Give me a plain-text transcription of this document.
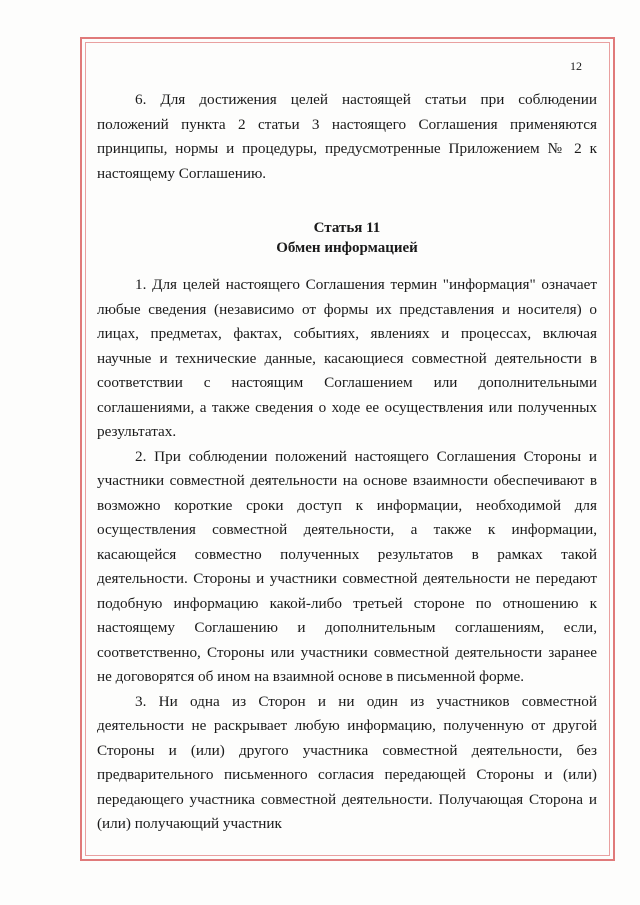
12

6. Для достижения целей настоящей статьи при соблюдении положений пункта 2 статьи 3 настоящего Соглашения применяются принципы, нормы и процедуры, предусмотренные Приложением № 2 к настоящему Соглашению.

Статья 11
Обмен информацией

1. Для целей настоящего Соглашения термин "информация" означает любые сведения (независимо от формы их представления и носителя) о лицах, предметах, фактах, событиях, явлениях и процессах, включая научные и технические данные, касающиеся совместной деятельности в соответствии с настоящим Соглашением или дополнительными соглашениями, а также сведения о ходе ее осуществления или полученных результатах.

2. При соблюдении положений настоящего Соглашения Стороны и участники совместной деятельности на основе взаимности обеспечивают в возможно короткие сроки доступ к информации, необходимой для осуществления совместной деятельности, а также к информации, касающейся совместно полученных результатов в рамках такой деятельности. Стороны и участники совместной деятельности не передают подобную информацию какой-либо третьей стороне по отношению к настоящему Соглашению и дополнительным соглашениям, если, соответственно, Стороны или участники совместной деятельности заранее не договорятся об ином на взаимной основе в письменной форме.

3. Ни одна из Сторон и ни один из участников совместной деятельности не раскрывает любую информацию, полученную от другой Стороны и (или) другого участника совместной деятельности, без предварительного письменного согласия передающей Стороны и (или) передающего участника совместной деятельности. Получающая Сторона и (или) получающий участник
